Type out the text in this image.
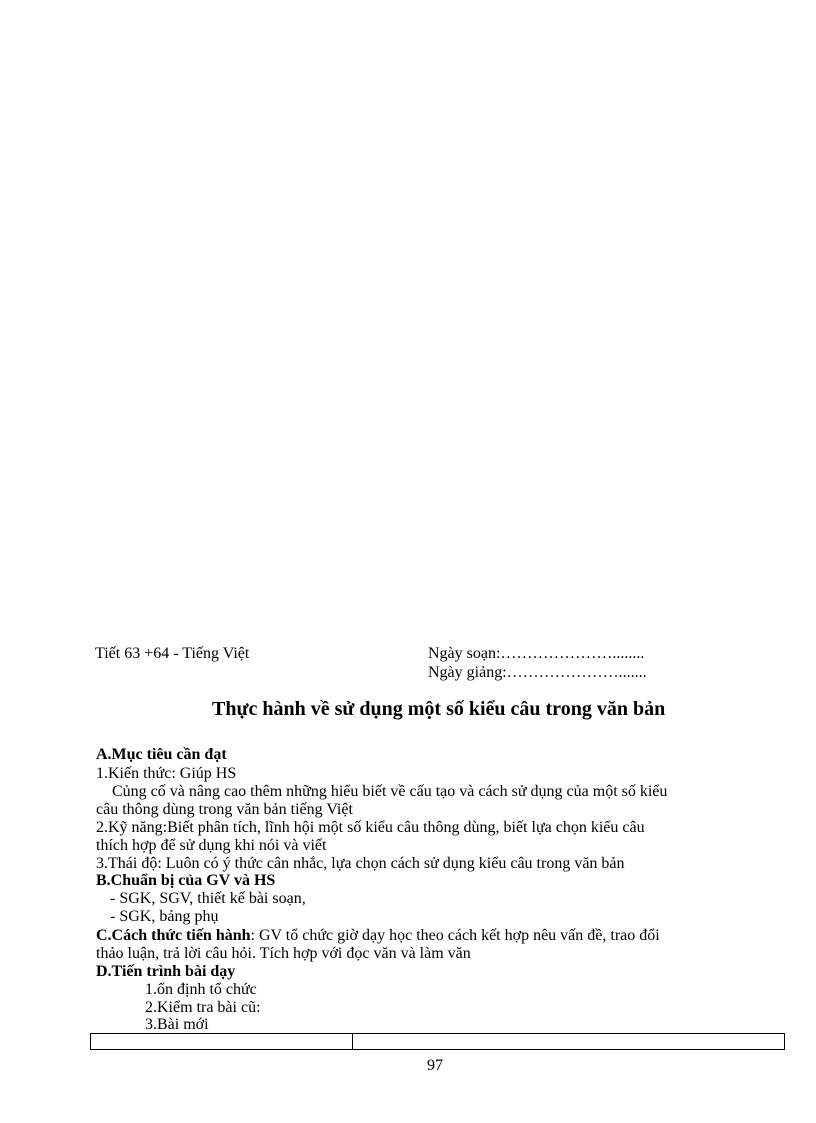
Tiết 63 +64 - Tiếng Việt	Ngày soạn:…………………........
Ngày giảng:………………….......
Thực hành về sử dụng một số kiểu câu trong văn bản
A.Mục tiêu cần đạt
1.Kiến thức: Giúp HS
Củng cố và nâng cao thêm những hiểu biết về cấu tạo và cách sử dụng của một số kiểu
câu thông dùng trong văn bản tiếng Việt
2.Kỹ năng:Biết phân tích, lĩnh hội một số kiểu câu thông dùng, biết lựa chọn kiểu câu
thích hợp để sử dụng khi nói và viết
3.Thái độ: Luôn có ý thức cân nhắc, lựa chọn cách sử dụng kiểu câu trong văn bản
B.Chuẩn bị của GV và HS
- SGK, SGV, thiết kế bài soạn,
- SGK, bảng phụ
C.Cách thức tiến hành: GV tổ chức giờ dạy học theo cách kết hợp nêu vấn đề, trao đổi
thảo luận, trả lời câu hỏi. Tích hợp với đọc văn và làm văn
D.Tiến trình bài dạy
1.ổn định tổ chức
2.Kiểm tra bài cũ:
3.Bài mới
97
